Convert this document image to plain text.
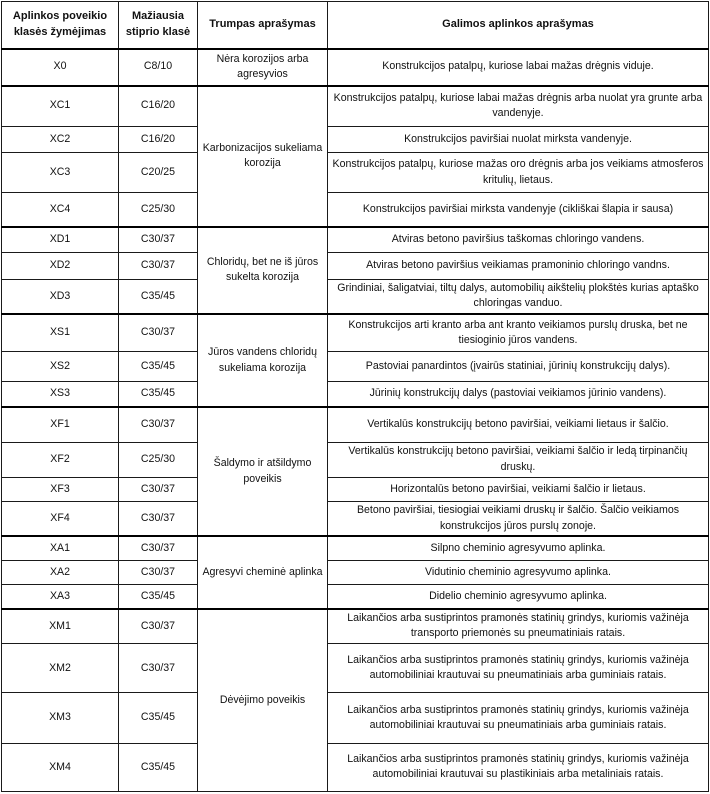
Aplinkos poveikio klasės žymėjimas	Mažiausia stiprio klasė	Trumpas aprašymas	Galimos aplinkos aprašymas
X0	C8/10	Nėra korozijos arba agresyvios	Konstrukcijos patalpų, kuriose labai mažas drėgnis viduje.
XC1	C16/20	Karbonizacijos sukeliama korozija	Konstrukcijos patalpų, kuriose labai mažas drėgnis arba nuolat yra grunte arba vandenyje.
XC2	C16/20		Konstrukcijos paviršiai nuolat mirksta vandenyje.
XC3	C20/25		Konstrukcijos patalpų, kuriose mažas oro drėgnis arba jos veikiams atmosferos kritulių, lietaus.
XC4	C25/30		Konstrukcijos paviršiai mirksta vandenyje (cikliškai šlapia ir sausa)
XD1	C30/37	Chloridų, bet ne iš jūros sukelta korozija	Atviras betono paviršius taškomas chloringo vandens.
XD2	C30/37		Atviras betono paviršius veikiamas pramoninio chloringo vandns.
XD3	C35/45		Grindiniai, šaligatviai, tiltų dalys, automobilių aikštelių plokštės kurias aptaško chloringas vanduo.
XS1	C30/37	Jūros vandens chloridų sukeliama korozija	Konstrukcijos arti kranto arba ant kranto veikiamos purslų druska, bet ne tiesioginio jūros vandens.
XS2	C35/45		Pastoviai panardintos (įvairūs statiniai, jūrinių konstrukcijų dalys).
XS3	C35/45		Jūrinių konstrukcijų dalys (pastoviai veikiamos jūrinio vandens).
XF1	C30/37	Šaldymo ir atšildymo poveikis	Vertikalūs konstrukcijų betono paviršiai, veikiami lietaus ir šalčio.
XF2	C25/30		Vertikalūs konstrukcijų betono paviršiai, veikiami šalčio ir ledą tirpinančių druskų.
XF3	C30/37		Horizontalūs betono paviršiai, veikiami šalčio ir lietaus.
XF4	C30/37		Betono paviršiai, tiesiogiai veikiami druskų ir šalčio. Šalčio veikiamos konstrukcijos jūros purslų zonoje.
XA1	C30/37	Agresyvi cheminė aplinka	Silpno cheminio agresyvumo aplinka.
XA2	C30/37		Vidutinio cheminio agresyvumo aplinka.
XA3	C35/45		Didelio cheminio agresyvumo aplinka.
XM1	C30/37	Dėvėjimo poveikis	Laikančios arba sustiprintos pramonės statinių grindys, kuriomis važinėja transporto priemonės su pneumatiniais ratais.
XM2	C30/37		Laikančios arba sustiprintos pramonės statinių grindys, kuriomis važinėja automobiliniai krautuvai su pneumatiniais arba guminiais ratais.
XM3	C35/45		Laikančios arba sustiprintos pramonės statinių grindys, kuriomis važinėja automobiliniai krautuvai su pneumatiniais arba guminiais ratais.
XM4	C35/45		Laikančios arba sustiprintos pramonės statinių grindys, kuriomis važinėja automobiliniai krautuvai su plastikiniais arba metaliniais ratais.
